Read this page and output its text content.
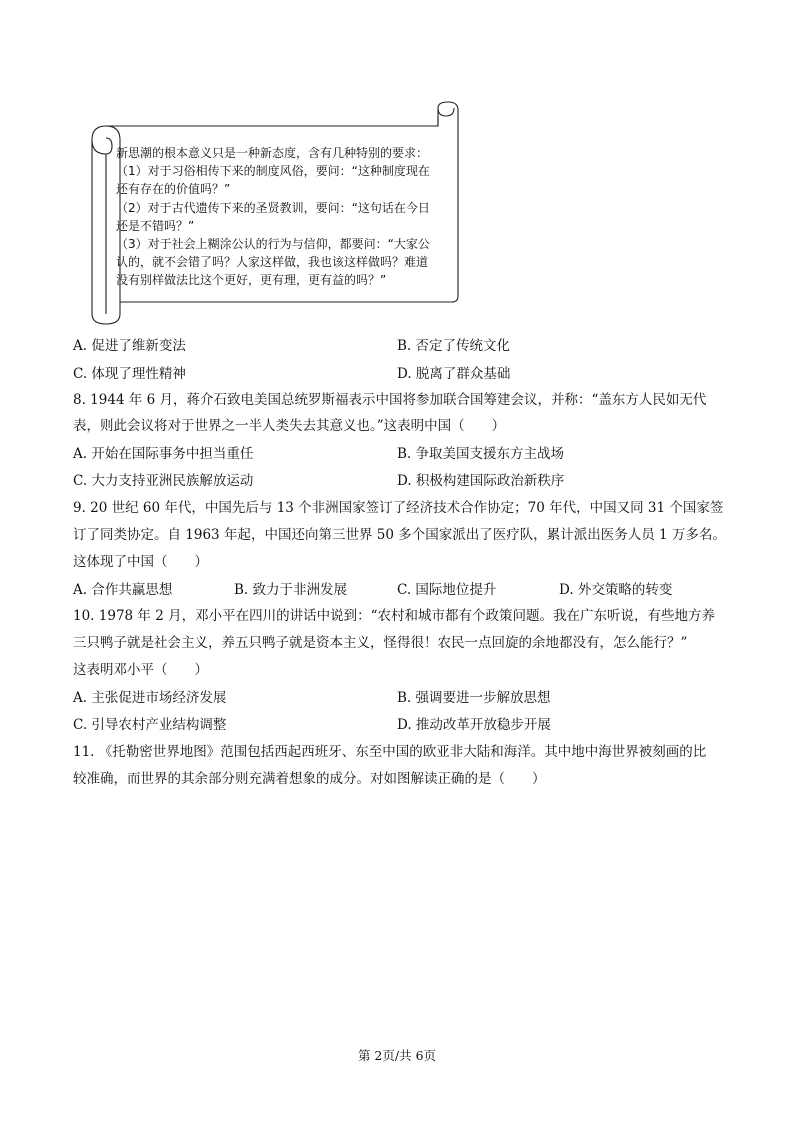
新思潮的根本意义只是一种新态度，含有几种特别的要求：
（1）对于习俗相传下来的制度风俗，要问：“这种制度现在
还有存在的价值吗？”
（2）对于古代遗传下来的圣贤教训，要问：“这句话在今日
还是不错吗？”
（3）对于社会上糊涂公认的行为与信仰，都要问：“大家公
认的，就不会错了吗？人家这样做，我也该这样做吗？难道
没有别样做法比这个更好，更有理，更有益的吗？”
A. 促进了维新变法	B. 否定了传统文化
C. 体现了理性精神	D. 脱离了群众基础
8. 1944 年 6 月，蒋介石致电美国总统罗斯福表示中国将参加联合国筹建会议，并称：“盖东方人民如无代
表，则此会议将对于世界之一半人类失去其意义也。”这表明中国（　　）
A. 开始在国际事务中担当重任	B. 争取美国支援东方主战场
C. 大力支持亚洲民族解放运动	D. 积极构建国际政治新秩序
9. 20 世纪 60 年代，中国先后与 13 个非洲国家签订了经济技术合作协定；70 年代，中国又同 31 个国家签
订了同类协定。自 1963 年起，中国还向第三世界 50 多个国家派出了医疗队，累计派出医务人员 1 万多名。
这体现了中国（　　）
A. 合作共赢思想	B. 致力于非洲发展	C. 国际地位提升	D. 外交策略的转变
10. 1978 年 2 月，邓小平在四川的讲话中说到：“农村和城市都有个政策问题。我在广东听说，有些地方养
三只鸭子就是社会主义，养五只鸭子就是资本主义，怪得很！农民一点回旋的余地都没有，怎么能行？”
这表明邓小平（　　）
A. 主张促进市场经济发展	B. 强调要进一步解放思想
C. 引导农村产业结构调整	D. 推动改革开放稳步开展
11. 《托勒密世界地图》范围包括西起西班牙、东至中国的欧亚非大陆和海洋。其中地中海世界被刻画的比
较准确，而世界的其余部分则充满着想象的成分。对如图解读正确的是（　　）
第 2页/共 6页
